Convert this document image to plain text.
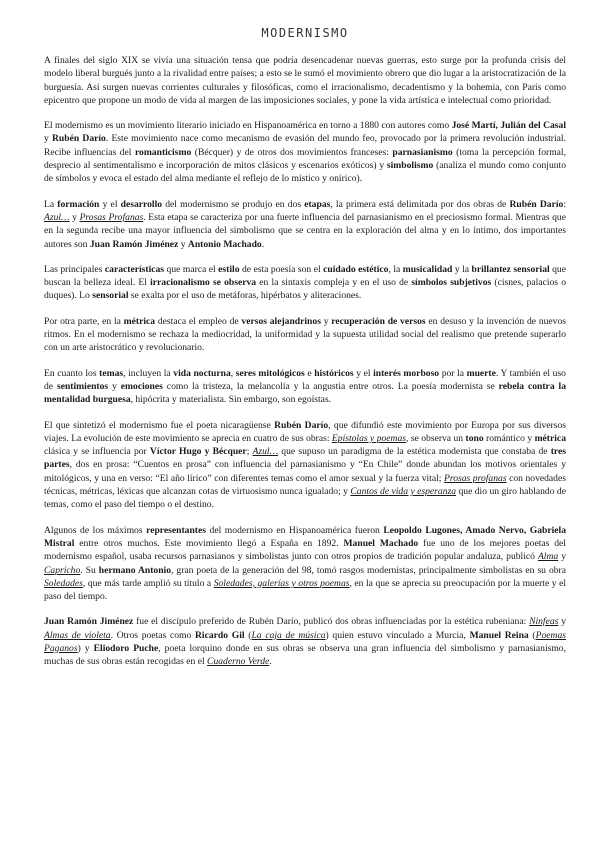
MODERNISMO

A finales del siglo XIX se vivía una situación tensa que podría desencadenar nuevas guerras, esto surge por la profunda crisis del modelo liberal burgués junto a la rivalidad entre países; a esto se le sumó el movimiento obrero que dio lugar a la aristocratización de la burguesía. Así surgen nuevas corrientes culturales y filosóficas, como el irracionalismo, decadentismo y la bohemia, con París como epicentro que propone un modo de vida al margen de las imposiciones sociales, y pone la vida artística e intelectual como prioridad.

El modernismo es un movimiento literario iniciado en Hispanoamérica en torno a 1880 con autores como José Martí, Julián del Casal y Rubén Darío. Este movimiento nace como mecanismo de evasión del mundo feo, provocado por la primera revolución industrial. Recibe influencias del romanticismo (Bécquer) y de otros dos movimientos franceses: parnasianismo (toma la percepción formal, desprecio al sentimentalismo e incorporación de mitos clásicos y escenarios exóticos) y simbolismo (analiza el mundo como conjunto de símbolos y evoca el estado del alma mediante el reflejo de lo místico y onírico).

La formación y el desarrollo del modernismo se produjo en dos etapas, la primera está delimitada por dos obras de Rubén Darío: Azul… y Prosas Profanas. Esta etapa se caracteriza por una fuerte influencia del parnasianismo en el preciosismo formal. Mientras que en la segunda recibe una mayor influencia del simbolismo que se centra en la exploración del alma y en lo íntimo, dos importantes autores son Juan Ramón Jiménez y Antonio Machado.

Las principales características que marca el estilo de esta poesía son el cuidado estético, la musicalidad y la brillantez sensorial que buscan la belleza ideal. El irracionalismo se observa en la sintaxis compleja y en el uso de símbolos subjetivos (cisnes, palacios o duques). Lo sensorial se exalta por el uso de metáforas, hipérbatos y aliteraciones.

Por otra parte, en la métrica destaca el empleo de versos alejandrinos y recuperación de versos en desuso y la invención de nuevos ritmos. En el modernismo se rechaza la mediocridad, la uniformidad y la supuesta utilidad social del realismo que pretende superarlo con un arte aristocrático y revolucionario.

En cuanto los temas, incluyen la vida nocturna, seres mitológicos e históricos y el interés morboso por la muerte. Y también el uso de sentimientos y emociones como la tristeza, la melancolía y la angustia entre otros. La poesía modernista se rebela contra la mentalidad burguesa, hipócrita y materialista. Sin embargo, son egoístas.

El que sintetizó el modernismo fue el poeta nicaragüense Rubén Darío, que difundió este movimiento por Europa por sus diversos viajes. La evolución de este movimiento se aprecia en cuatro de sus obras: Epístolas y poemas, se observa un tono romántico y métrica clásica y se influencia por Víctor Hugo y Bécquer; Azul… que supuso un paradigma de la estética modernista que constaba de tres partes, dos en prosa: “Cuentos en prosa” con influencia del parnasianismo y “En Chile” donde abundan los motivos orientales y mitológicos, y una en verso: “El año lírico” con diferentes temas como el amor sexual y la fuerza vital; Prosas profanas con novedades técnicas, métricas, léxicas que alcanzan cotas de virtuosismo nunca igualado; y Cantos de vida y esperanza que dio un giro hablando de temas, como el paso del tiempo o el destino.

Algunos de los máximos representantes del modernismo en Hispanoamérica fueron Leopoldo Lugones, Amado Nervo, Gabriela Mistral entre otros muchos. Este movimiento llegó a España en 1892. Manuel Machado fue uno de los mejores poetas del modernismo español, usaba recursos parnasianos y simbolistas junto con otros propios de tradición popular andaluza, publicó Alma y Capricho. Su hermano Antonio, gran poeta de la generación del 98, tomó rasgos modernistas, principalmente simbolistas en su obra Soledades, que más tarde amplió su título a Soledades, galerías y otros poemas, en la que se aprecia su preocupación por la muerte y el paso del tiempo.

Juan Ramón Jiménez fue el discípulo preferido de Rubén Darío, publicó dos obras influenciadas por la estética rubeniana: Ninfeas y Almas de violeta. Otros poetas como Ricardo Gil (La caja de música) quien estuvo vinculado a Murcia, Manuel Reina (Poemas Paganos) y Eliodoro Puche, poeta lorquino donde en sus obras se observa una gran influencia del simbolismo y parnasianismo, muchas de sus obras están recogidas en el Cuaderno Verde.
